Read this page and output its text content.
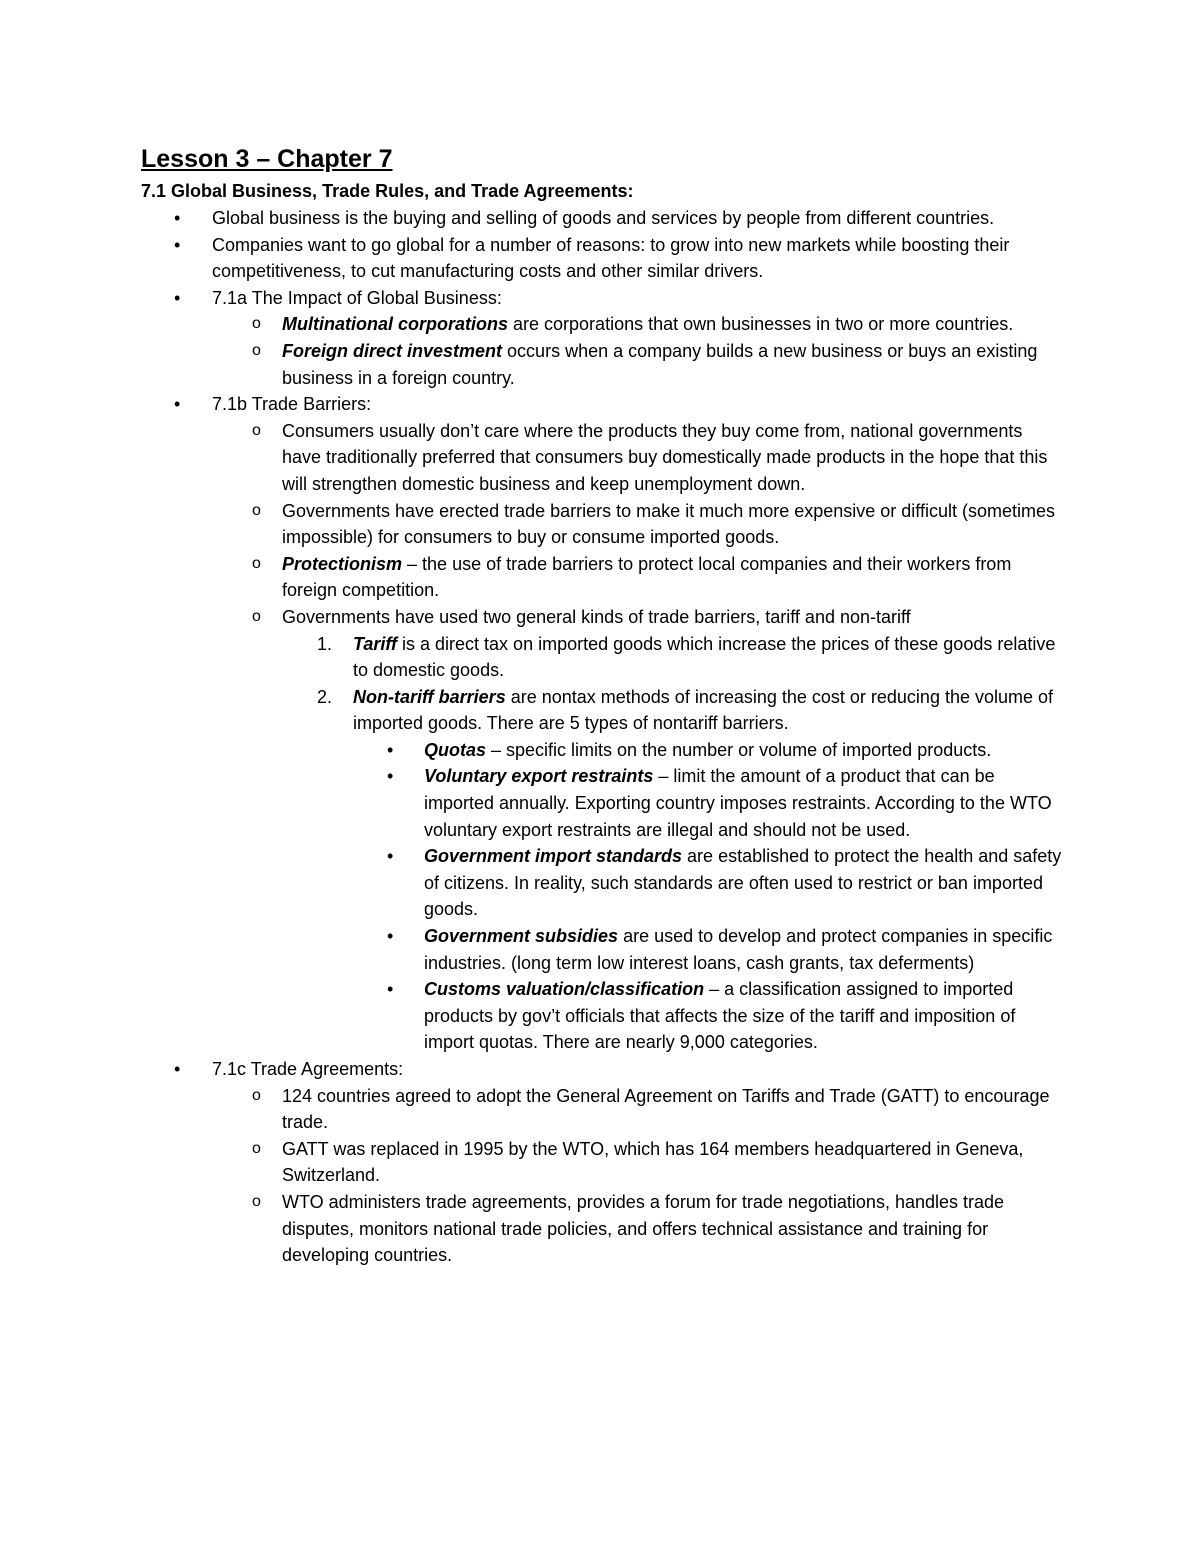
Lesson 3 – Chapter 7
7.1 Global Business, Trade Rules, and Trade Agreements:
• Global business is the buying and selling of goods and services by people from different countries.
• Companies want to go global for a number of reasons: to grow into new markets while boosting their competitiveness, to cut manufacturing costs and other similar drivers.
• 7.1a The Impact of Global Business:
o Multinational corporations are corporations that own businesses in two or more countries.
o Foreign direct investment occurs when a company builds a new business or buys an existing business in a foreign country.
• 7.1b Trade Barriers:
o Consumers usually don’t care where the products they buy come from, national governments have traditionally preferred that consumers buy domestically made products in the hope that this will strengthen domestic business and keep unemployment down.
o Governments have erected trade barriers to make it much more expensive or difficult (sometimes impossible) for consumers to buy or consume imported goods.
o Protectionism – the use of trade barriers to protect local companies and their workers from foreign competition.
o Governments have used two general kinds of trade barriers, tariff and non-tariff
1. Tariff is a direct tax on imported goods which increase the prices of these goods relative to domestic goods.
2. Non-tariff barriers are nontax methods of increasing the cost or reducing the volume of imported goods. There are 5 types of nontariff barriers.
• Quotas – specific limits on the number or volume of imported products.
• Voluntary export restraints – limit the amount of a product that can be imported annually. Exporting country imposes restraints. According to the WTO voluntary export restraints are illegal and should not be used.
• Government import standards are established to protect the health and safety of citizens. In reality, such standards are often used to restrict or ban imported goods.
• Government subsidies are used to develop and protect companies in specific industries. (long term low interest loans, cash grants, tax deferments)
• Customs valuation/classification – a classification assigned to imported products by gov’t officials that affects the size of the tariff and imposition of import quotas. There are nearly 9,000 categories.
• 7.1c Trade Agreements:
o 124 countries agreed to adopt the General Agreement on Tariffs and Trade (GATT) to encourage trade.
o GATT was replaced in 1995 by the WTO, which has 164 members headquartered in Geneva, Switzerland.
o WTO administers trade agreements, provides a forum for trade negotiations, handles trade disputes, monitors national trade policies, and offers technical assistance and training for developing countries.
